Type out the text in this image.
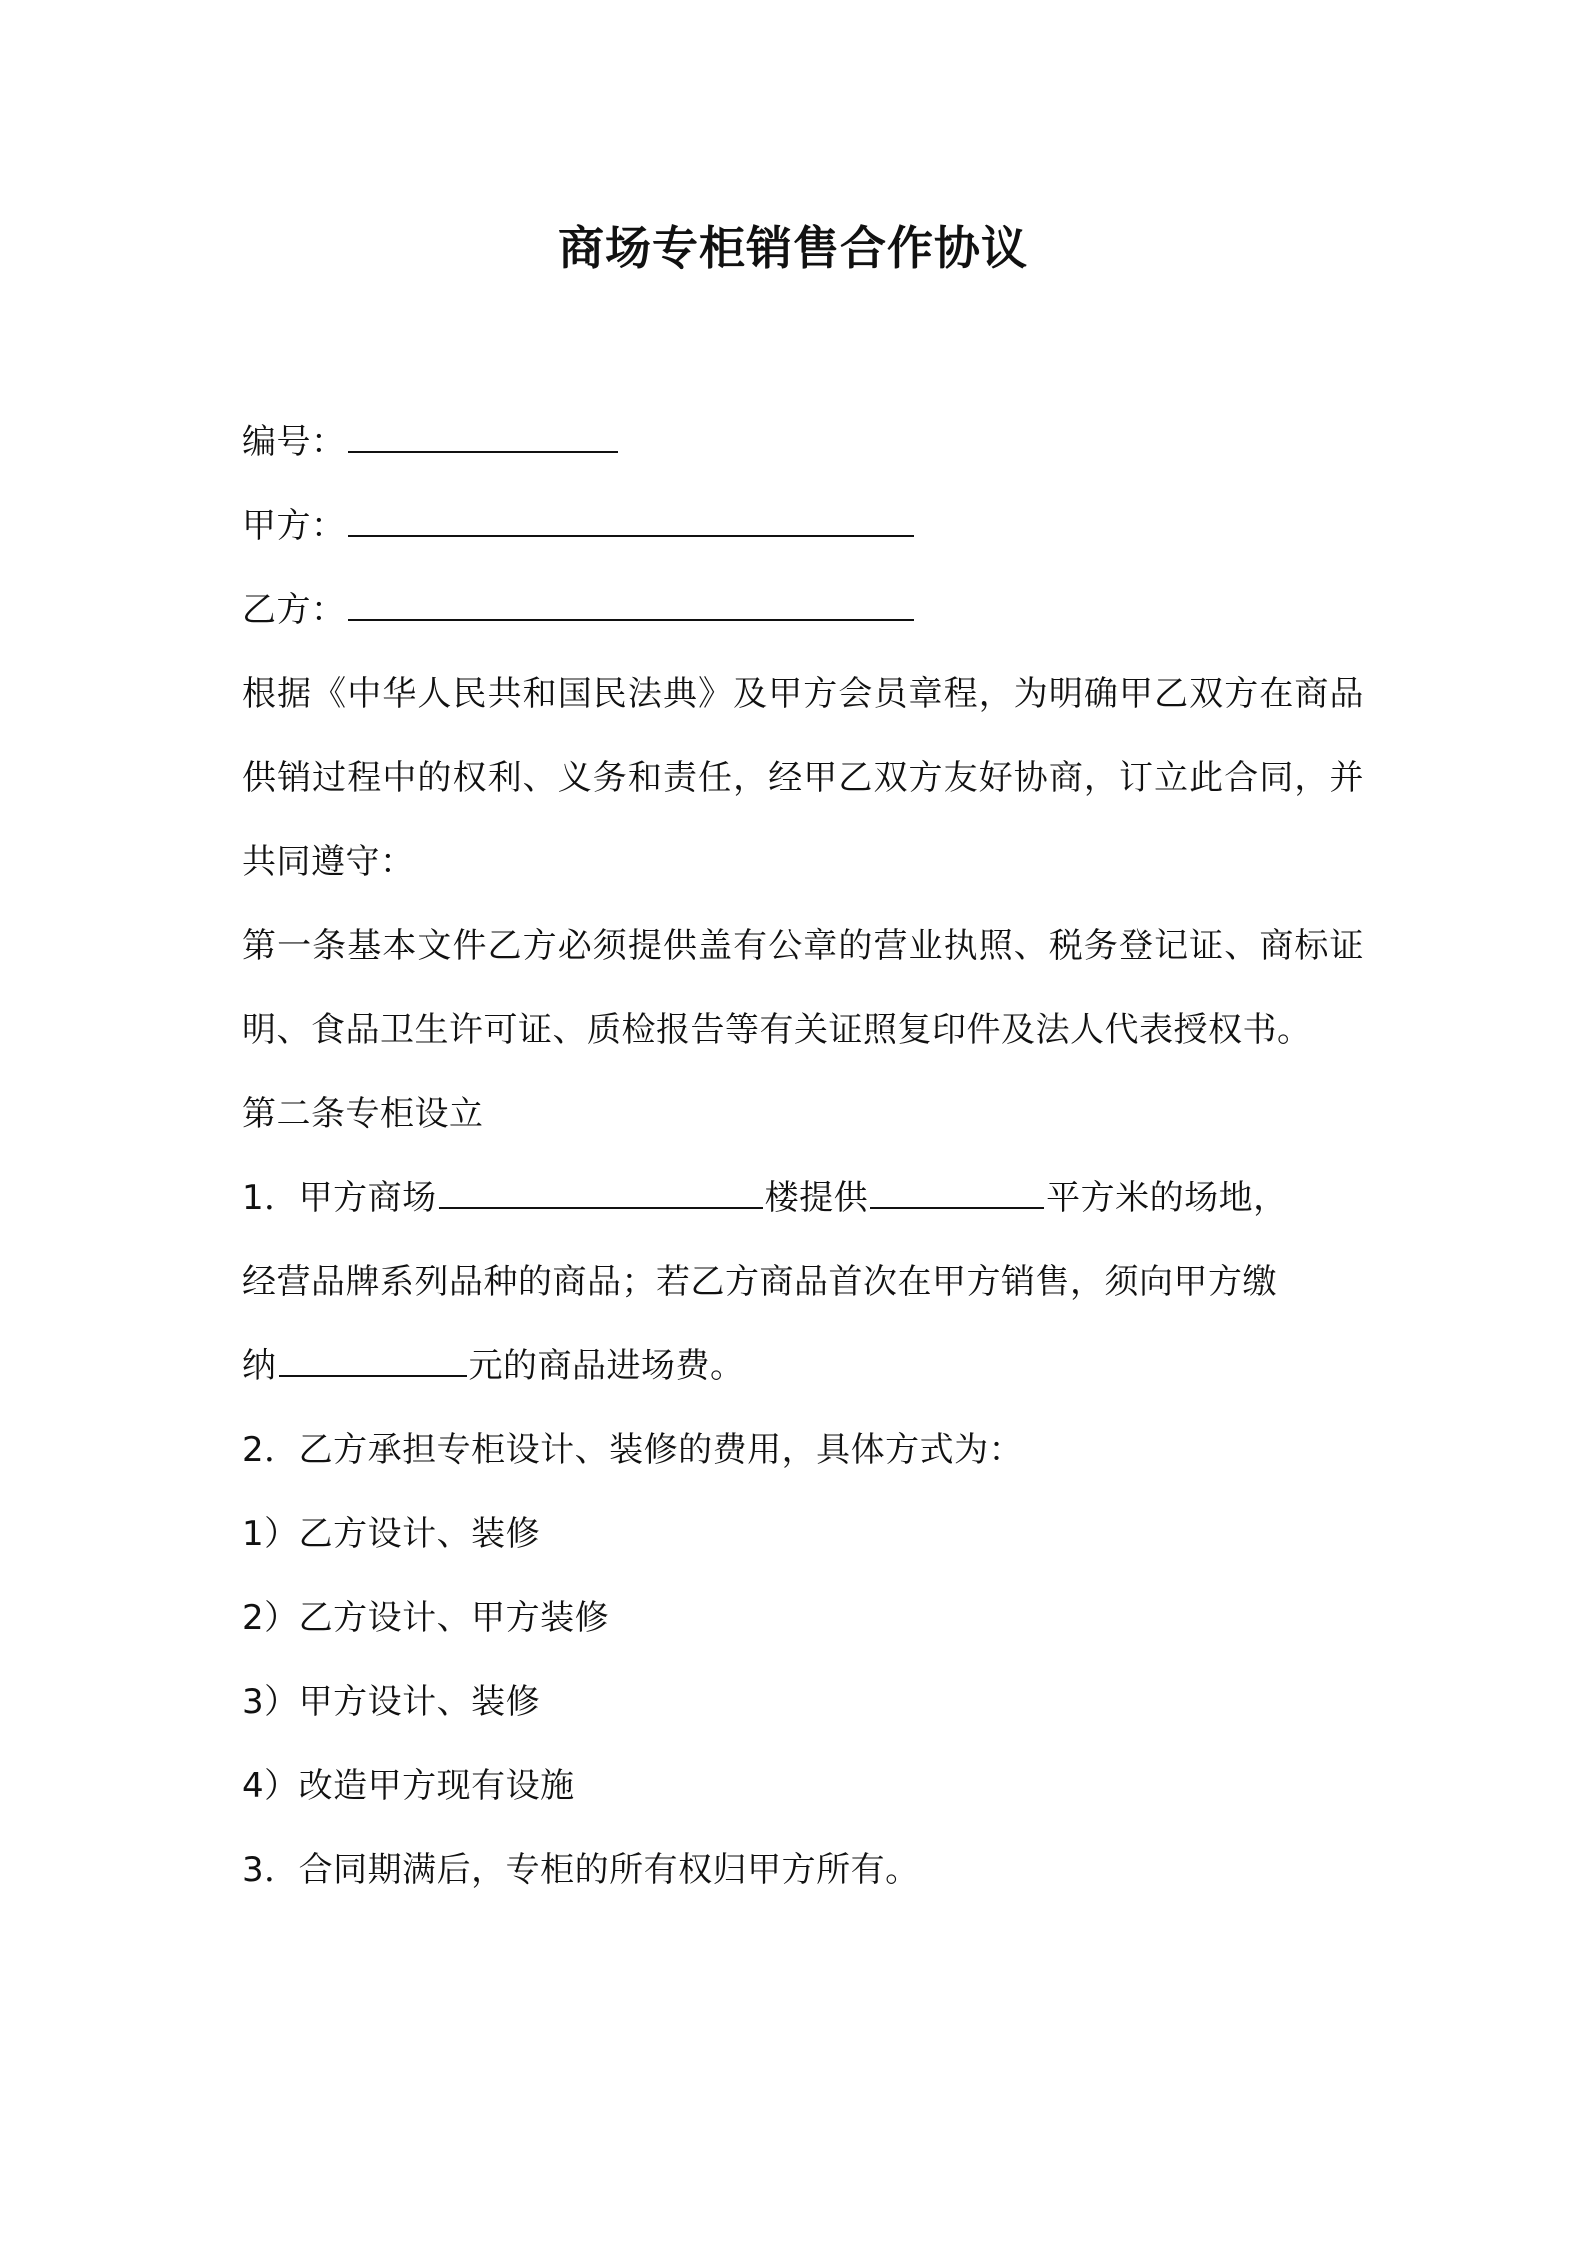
商场专柜销售合作协议
编号：
甲方：
乙方：
根据《中华人民共和国民法典》及甲方会员章程，为明确甲乙双方在商品供销过程中的权利、义务和责任，经甲乙双方友好协商，订立此合同，并共同遵守：
第一条基本文件乙方必须提供盖有公章的营业执照、税务登记证、商标证明、食品卫生许可证、质检报告等有关证照复印件及法人代表授权书。
第二条专柜设立
1．甲方商场	楼提供	平方米的场地，
经营品牌系列品种的商品；若乙方商品首次在甲方销售，须向甲方缴
纳	元的商品进场费。
2．乙方承担专柜设计、装修的费用，具体方式为：
1）乙方设计、装修
2）乙方设计、甲方装修
3）甲方设计、装修
4）改造甲方现有设施
3．合同期满后，专柜的所有权归甲方所有。
